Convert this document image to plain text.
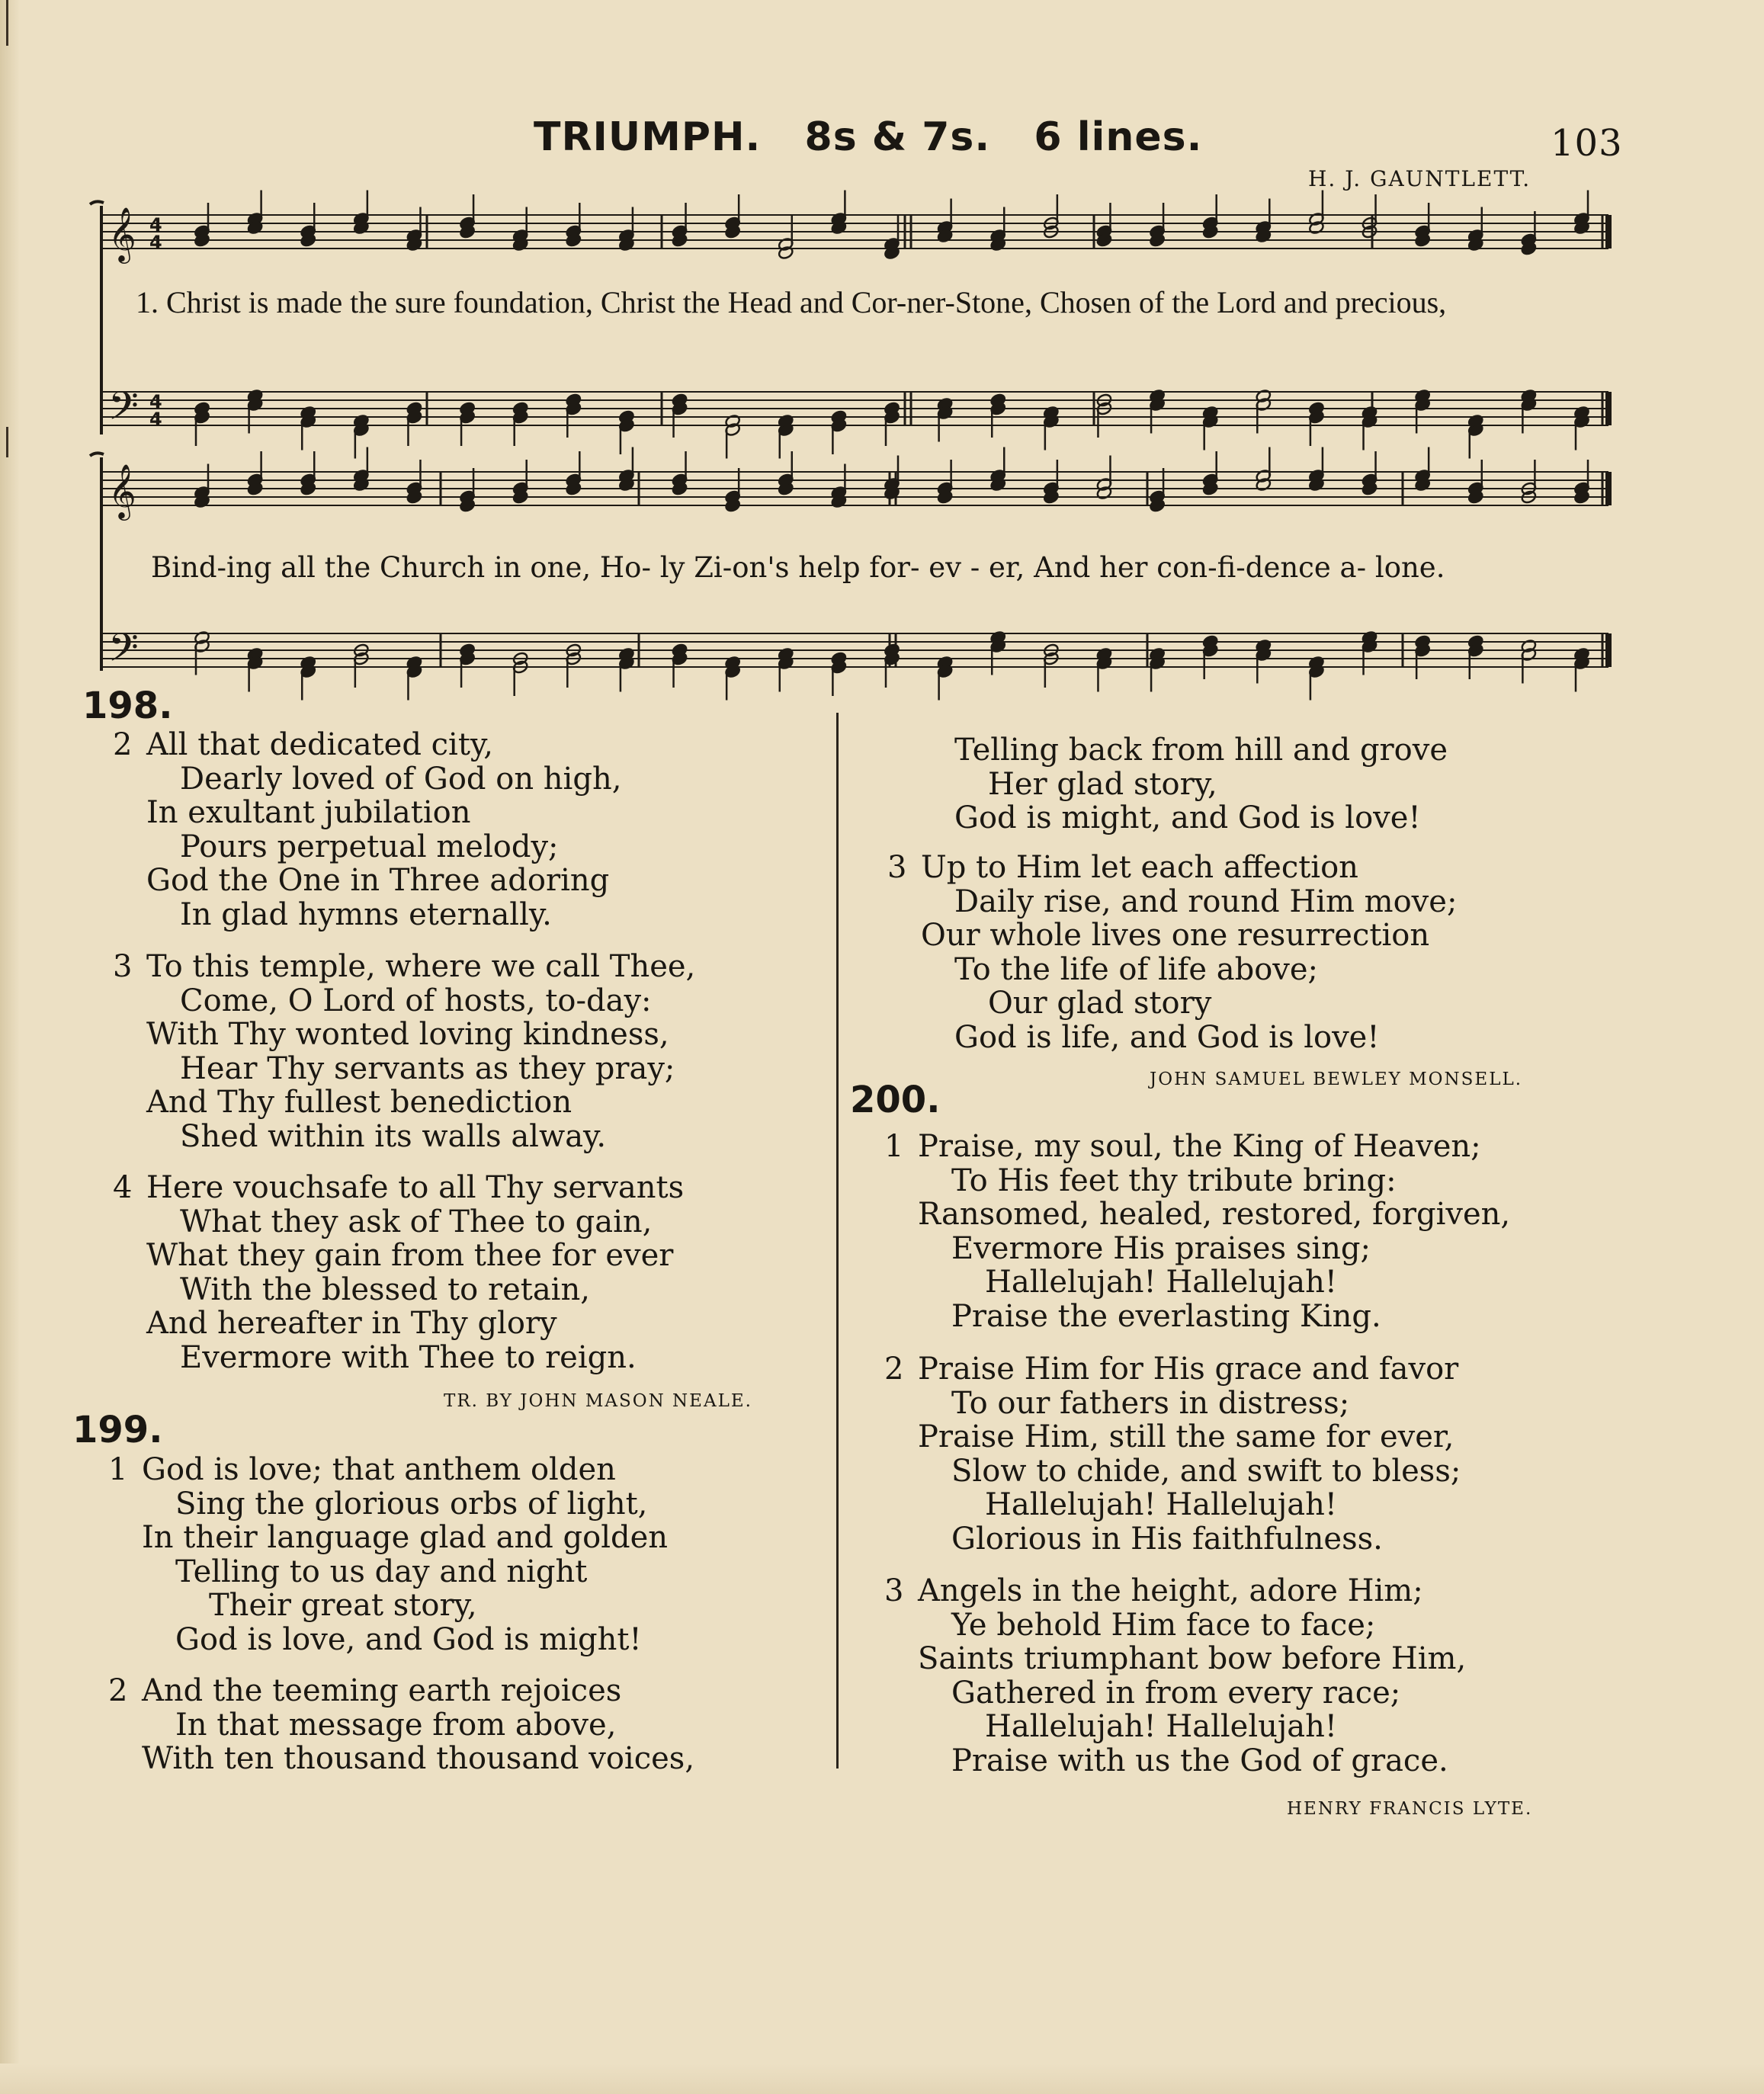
TRIUMPH.   8s & 7s.   6 lines.	103
H. J. GAUNTLETT.
𝄞 4
4
𝄢 4
4
𝄞
𝄢
1. Christ is made the sure foundation, Christ the Head and Cor-ner-Stone, Chosen of the Lord and precious,
Bind-ing all the Church in one, Ho- ly Zi-on's help for- ev - er, And her con-fi-dence a- lone.
198.
2 All that dedicated city,
Dearly loved of God on high,
In exultant jubilation
Pours perpetual melody;
God the One in Three adoring
In glad hymns eternally.
3 To this temple, where we call Thee,
Come, O Lord of hosts, to-day:
With Thy wonted loving kindness,
Hear Thy servants as they pray;
And Thy fullest benediction
Shed within its walls alway.
4 Here vouchsafe to all Thy servants
What they ask of Thee to gain,
What they gain from thee for ever
With the blessed to retain,
And hereafter in Thy glory
Evermore with Thee to reign.
TR. BY JOHN MASON NEALE.
199.
1 God is love; that anthem olden
Sing the glorious orbs of light,
In their language glad and golden
Telling to us day and night
Their great story,
God is love, and God is might!
2 And the teeming earth rejoices
In that message from above,
With ten thousand thousand voices,
Telling back from hill and grove
Her glad story,
God is might, and God is love!
3 Up to Him let each affection
Daily rise, and round Him move;
Our whole lives one resurrection
To the life of life above;
Our glad story
God is life, and God is love!
JOHN SAMUEL BEWLEY MONSELL.
200.
1 Praise, my soul, the King of Heaven;
To His feet thy tribute bring:
Ransomed, healed, restored, forgiven,
Evermore His praises sing;
Hallelujah! Hallelujah!
Praise the everlasting King.
2 Praise Him for His grace and favor
To our fathers in distress;
Praise Him, still the same for ever,
Slow to chide, and swift to bless;
Hallelujah! Hallelujah!
Glorious in His faithfulness.
3 Angels in the height, adore Him;
Ye behold Him face to face;
Saints triumphant bow before Him,
Gathered in from every race;
Hallelujah! Hallelujah!
Praise with us the God of grace.
HENRY FRANCIS LYTE.
